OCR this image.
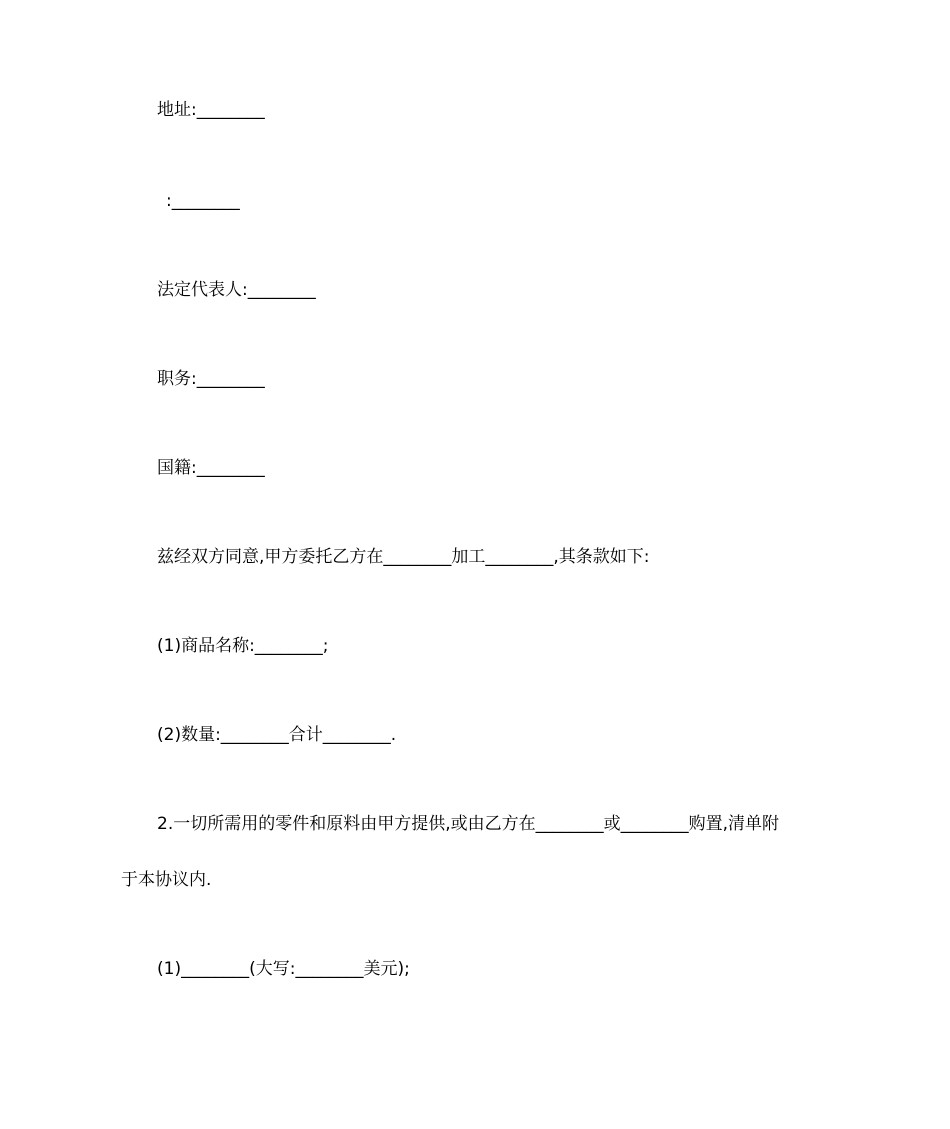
地址:________
:________
法定代表人:________
职务:________
国籍:________
兹经双方同意,甲方委托乙方在________加工________,其条款如下:
(1)商品名称:________;
(2)数量:________合计________.
2.一切所需用的零件和原料由甲方提供,或由乙方在________或________购置,清单附
于本协议内.
(1)________(大写:________美元);
